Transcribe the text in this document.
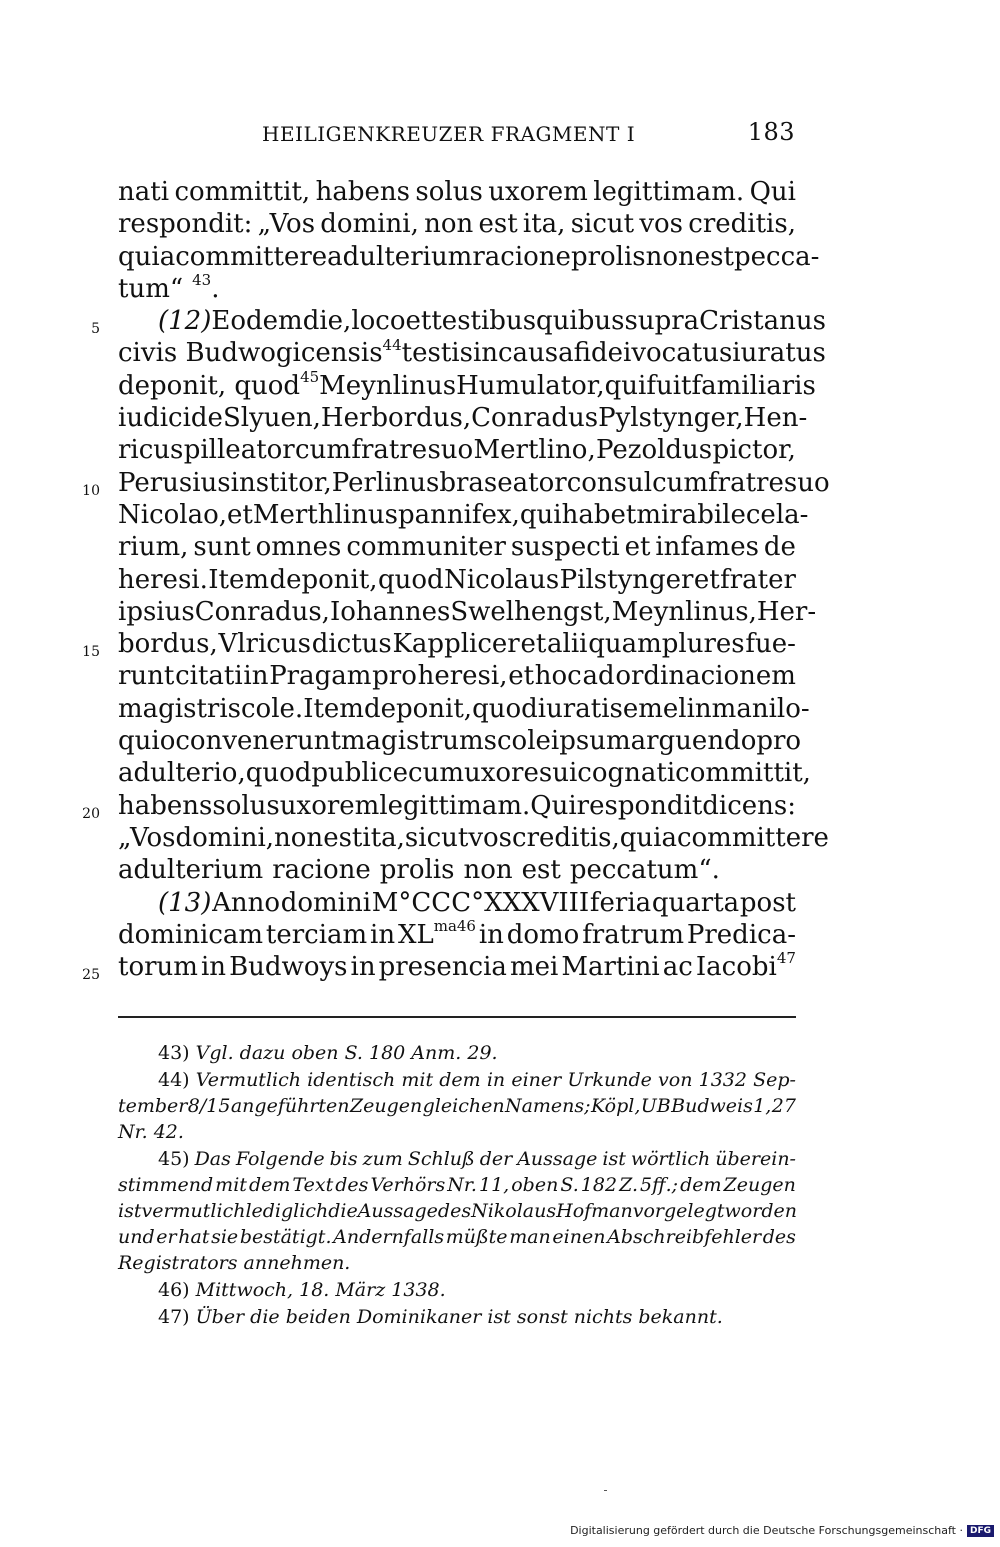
HEILIGENKREUZER FRAGMENT I	183
nati committit, habens solus uxorem legittimam. Qui
respondit: „Vos domini, non est ita, sicut vos creditis,
quia committere adulterium racione prolis non est pecca-
tum“ $^{43}$.
5 (12) Eodem die, loco et testibus quibus supra Cristanus
civis Budwogicensis$^{44}$ testis in causa fidei vocatus iuratus
deponit, quod$^{45}$ Meynlinus Humulator, qui fuit familiaris
iudici de Slyuen, Herbordus, Conradus Pylstynger, Hen-
ricus pilleator cum fratre suo Mertlino, Pezoldus pictor,
10 Perusius institor, Perlinus braseator consul cum fratre suo
Nicolao, et Merthlinus pannifex, qui habet mirabile cela-
rium, sunt omnes communiter suspecti et infames de
heresi. Item deponit, quod Nicolaus Pilstynger et frater
ipsius Conradus, Iohannes Swelhengst, Meynlinus, Her-
15 bordus, Vlricus dictus Kapplicer et alii quamplures fue-
runt citati in Pragam pro heresi, et hoc ad ordinacionem
magistri scole. Item deponit, quod iurati semel in manilo-
quio convenerunt magistrum scole ipsum arguendo pro
adulterio, quod publice cum uxore sui cognati committit,
20 habens solus uxorem legittimam. Qui respondit dicens:
„Vos domini, non est ita, sicut vos creditis, quia committere
adulterium racione prolis non est peccatum“.
(13) Anno domini M°CCC°XXXVIII feria quarta post
dominicam terciam in $XL^{ma46}$ in domo fratrum Predica-
25 torum in Budwoys in presencia mei Martini ac Iacobi$^{47}$
43) Vgl. dazu oben S. 180 Anm. 29.
44) Vermutlich identisch mit dem in einer Urkunde von 1332 Sep-
tember 8/15 angeführten Zeugen gleichen Namens; Köpl, UB Budweis 1, 27
Nr. 42.
45) Das Folgende bis zum Schluß der Aussage ist wörtlich überein-
stimmend mit dem Text des Verhörs Nr. 11, oben S. 182 Z. 5ff.; dem Zeugen
ist vermutlich lediglich die Aussage des Nikolaus Hofman vorgelegt worden
und er hat sie bestätigt. Andernfalls müßte man einen Abschreibfehler des
Registrators annehmen.
46) Mittwoch, 18. März 1338.
47) Über die beiden Dominikaner ist sonst nichts bekannt.
Digitalisierung gefördert durch die Deutsche Forschungsgemeinschaft · DFG
